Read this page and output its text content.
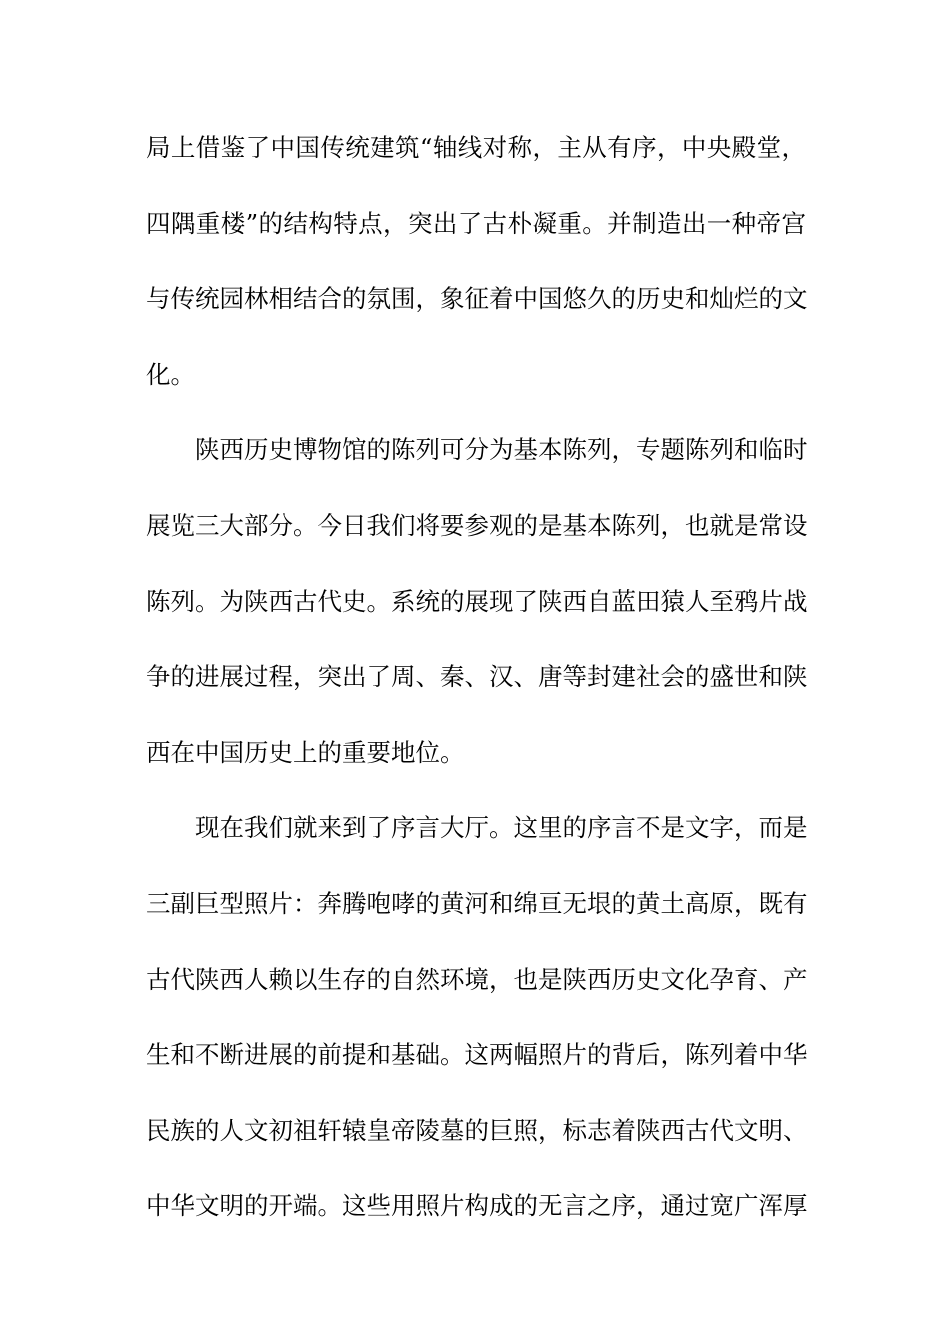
局上借鉴了中国传统建筑“轴线对称，主从有序，中央殿堂，
四隅重楼”的结构特点，突出了古朴凝重。并制造出一种帝宫
与传统园林相结合的氛围，象征着中国悠久的历史和灿烂的文
化。
陕西历史博物馆的陈列可分为基本陈列，专题陈列和临时
展览三大部分。今日我们将要参观的是基本陈列，也就是常设
陈列。为陕西古代史。系统的展现了陕西自蓝田猿人至鸦片战
争的进展过程，突出了周、秦、汉、唐等封建社会的盛世和陕
西在中国历史上的重要地位。
现在我们就来到了序言大厅。这里的序言不是文字，而是
三副巨型照片：奔腾咆哮的黄河和绵亘无垠的黄土高原，既有
古代陕西人赖以生存的自然环境，也是陕西历史文化孕育、产
生和不断进展的前提和基础。这两幅照片的背后，陈列着中华
民族的人文初祖轩辕皇帝陵墓的巨照，标志着陕西古代文明、
中华文明的开端。这些用照片构成的无言之序，通过宽广浑厚
